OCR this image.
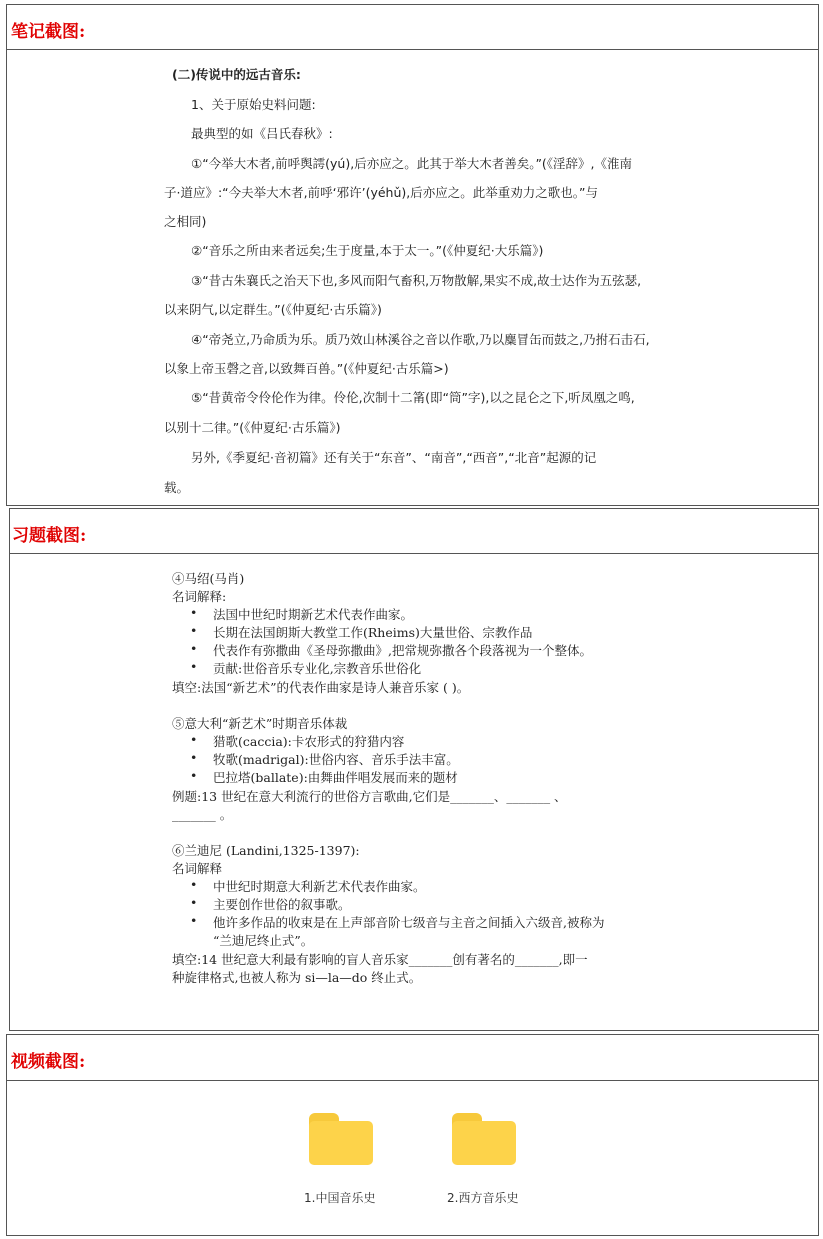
笔记截图:
(二)传说中的远古音乐:
1、关于原始史料问题:
最典型的如《吕氏春秋》:
①“今举大木者,前呼舆謣(yú),后亦应之。此其于举大木者善矣。”(《淫辞》,《淮南
子·道应》:“今夫举大木者,前呼‘邪许’(yéhǔ),后亦应之。此举重劝力之歌也。”与
之相同)
②“音乐之所由来者远矣;生于度量,本于太一。”(《仲夏纪·大乐篇》)
③“昔古朱襄氏之治天下也,多风而阳气畜积,万物散解,果实不成,故士达作为五弦瑟,
以来阴气,以定群生。”(《仲夏纪·古乐篇》)
④“帝尧立,乃命质为乐。质乃效山林溪谷之音以作歌,乃以麋冒缶而鼓之,乃拊石击石,
以象上帝玉磬之音,以致舞百兽。”(《仲夏纪·古乐篇>)
⑤“昔黄帝令伶伦作为律。伶伦,次制十二筩(即“筒”字),以之昆仑之下,听凤凰之鸣,
以别十二律。”(《仲夏纪·古乐篇》)
另外,《季夏纪·音初篇》还有关于“东音”、“南音”,“西音”,“北音”起源的记
载。
习题截图:
④马绍(马肖)
名词解释:
• 法国中世纪时期新艺术代表作曲家。
• 长期在法国朗斯大教堂工作(Rheims)大量世俗、宗教作品
• 代表作有弥撒曲《圣母弥撒曲》,把常规弥撒各个段落视为一个整体。
• 贡献:世俗音乐专业化,宗教音乐世俗化
填空:法国“新艺术”的代表作曲家是诗人兼音乐家 ( )。
⑤意大利“新艺术”时期音乐体裁
• 猎歌(caccia):卡农形式的狩猎内容
• 牧歌(madrigal):世俗内容、音乐手法丰富。
• 巴拉塔(ballate):由舞曲伴唱发展而来的题材
例题:13 世纪在意大利流行的世俗方言歌曲,它们是_______、_______ 、
_______ 。
⑥兰迪尼 (Landini,1325-1397):
名词解释
• 中世纪时期意大利新艺术代表作曲家。
• 主要创作世俗的叙事歌。
• 他许多作品的收束是在上声部音阶七级音与主音之间插入六级音,被称为
“兰迪尼终止式”。
填空:14 世纪意大利最有影响的盲人音乐家_______创有著名的_______,即一
种旋律格式,也被人称为 si—la—do 终止式。
视频截图:
1.中国音乐史	2.西方音乐史
